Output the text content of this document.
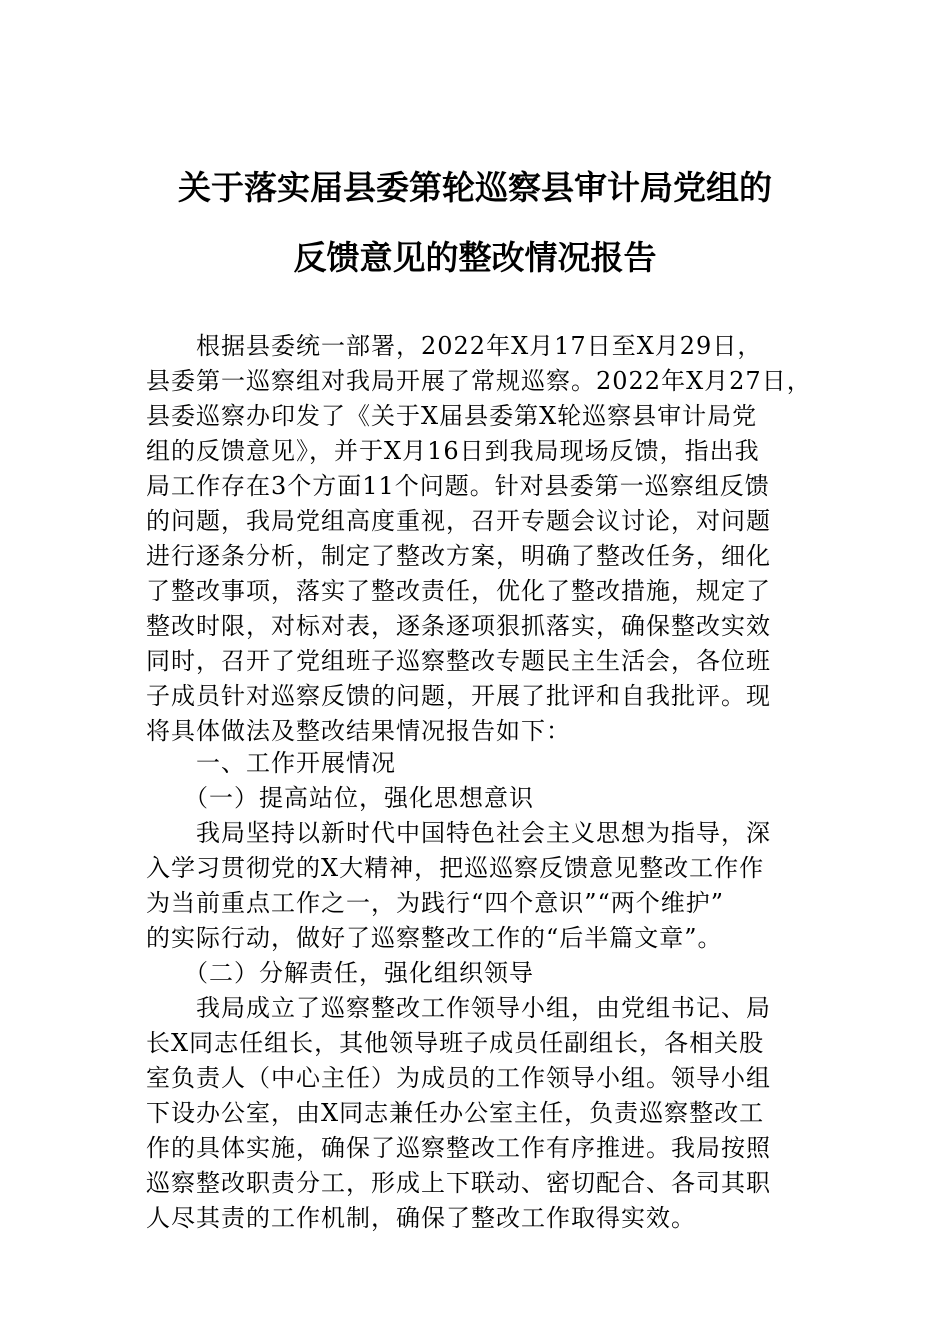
关于落实届县委第轮巡察县审计局党组的
反馈意见的整改情况报告
　　根据县委统一部署，2022年X月17日至X月29日，
县委第一巡察组对我局开展了常规巡察。2022年X月27日，
县委巡察办印发了《关于X届县委第X轮巡察县审计局党
组的反馈意见》，并于X月16日到我局现场反馈，指出我
局工作存在3个方面11个问题。针对县委第一巡察组反馈
的问题，我局党组高度重视，召开专题会议讨论，对问题
进行逐条分析，制定了整改方案，明确了整改任务，细化
了整改事项，落实了整改责任，优化了整改措施，规定了
整改时限，对标对表，逐条逐项狠抓落实，确保整改实效
同时，召开了党组班子巡察整改专题民主生活会，各位班
子成员针对巡察反馈的问题，开展了批评和自我批评。现
将具体做法及整改结果情况报告如下：
　　一、工作开展情况
　　（一）提高站位，强化思想意识
　　我局坚持以新时代中国特色社会主义思想为指导，深
入学习贯彻党的X大精神，把巡巡察反馈意见整改工作作
为当前重点工作之一，为践行“四个意识”“两个维护”
的实际行动，做好了巡察整改工作的“后半篇文章”。
　　（二）分解责任，强化组织领导
　　我局成立了巡察整改工作领导小组，由党组书记、局
长X同志任组长，其他领导班子成员任副组长，各相关股
室负责人（中心主任）为成员的工作领导小组。领导小组
下设办公室，由X同志兼任办公室主任，负责巡察整改工
作的具体实施，确保了巡察整改工作有序推进。我局按照
巡察整改职责分工，形成上下联动、密切配合、各司其职
人尽其责的工作机制，确保了整改工作取得实效。
